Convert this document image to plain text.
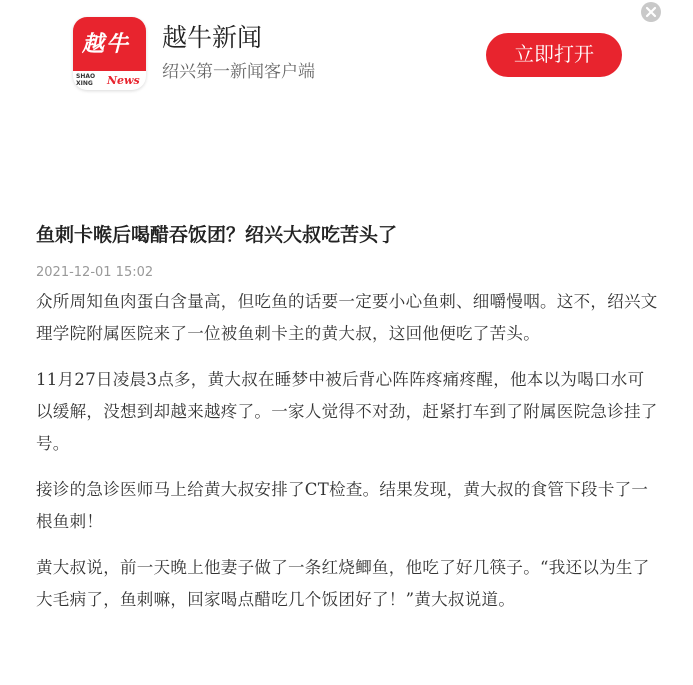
越牛
SHAO
XING News
越牛新闻
绍兴第一新闻客户端
立即打开
鱼刺卡喉后喝醋吞饭团？绍兴大叔吃苦头了
2021-12-01 15:02

众所周知鱼肉蛋白含量高，但吃鱼的话要一定要小心鱼刺、细嚼慢咽。这不，绍兴文理学院附属医院来了一位被鱼刺卡主的黄大叔，这回他便吃了苦头。

11月27日凌晨3点多，黄大叔在睡梦中被后背心阵阵疼痛疼醒，他本以为喝口水可以缓解，没想到却越来越疼了。一家人觉得不对劲，赶紧打车到了附属医院急诊挂了号。

接诊的急诊医师马上给黄大叔安排了CT检查。结果发现，黄大叔的食管下段卡了一根鱼刺！

黄大叔说，前一天晚上他妻子做了一条红烧鲫鱼，他吃了好几筷子。“我还以为生了大毛病了，鱼刺嘛，回家喝点醋吃几个饭团好了！”黄大叔说道。
